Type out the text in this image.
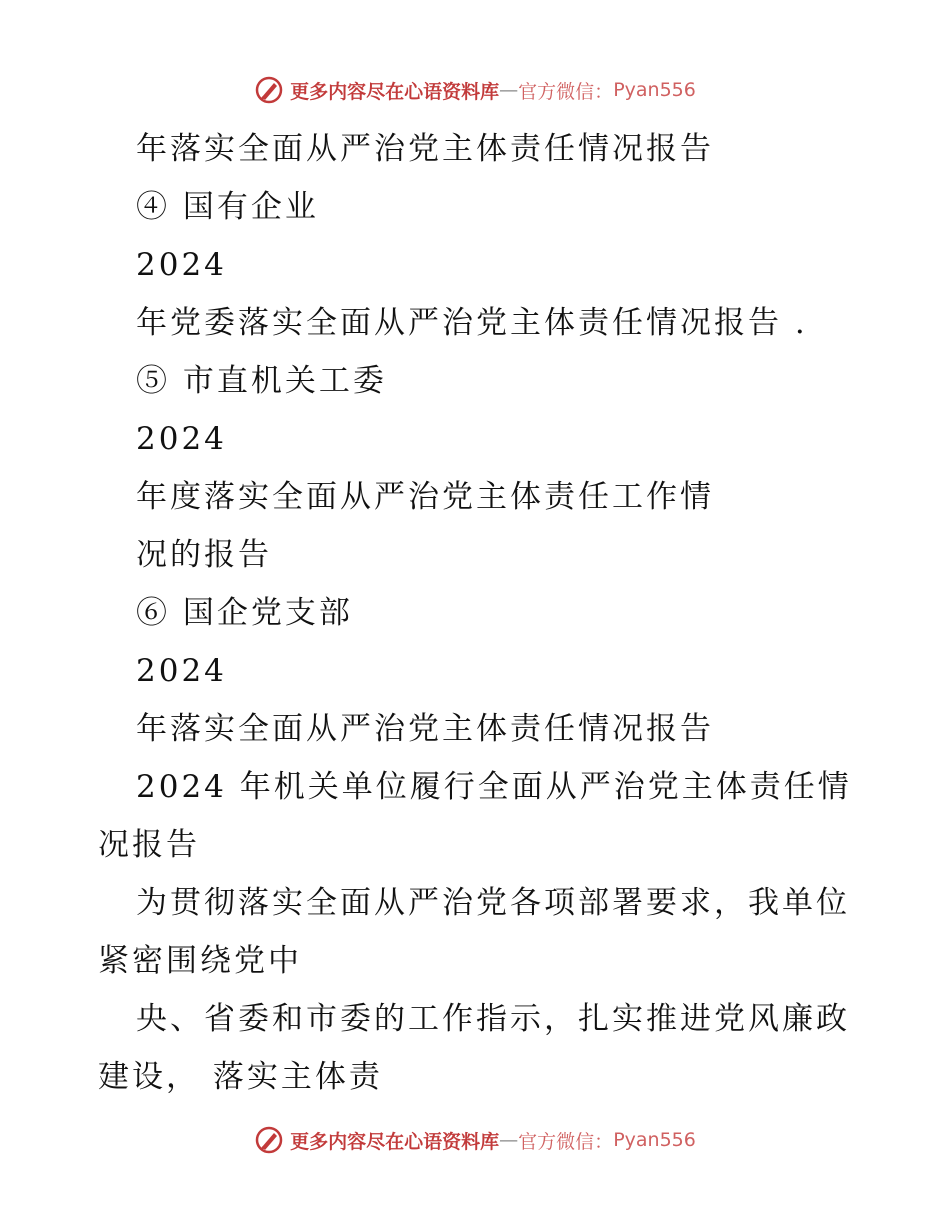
更多内容尽在心语资料库 — 官方微信： Pyan556
年落实全面从严治党主体责任情况报告
④ 国有企业
2024
年党委落实全面从严治党主体责任情况报告 .
⑤ 市直机关工委
2024
年度落实全面从严治党主体责任工作情
况的报告
⑥ 国企党支部
2024
年落实全面从严治党主体责任情况报告
2024 年机关单位履行全面从严治党主体责任情
况报告
为贯彻落实全面从严治党各项部署要求，我单位
紧密围绕党中
央、省委和市委的工作指示，扎实推进党风廉政
建设， 落实主体责
更多内容尽在心语资料库 — 官方微信： Pyan556
